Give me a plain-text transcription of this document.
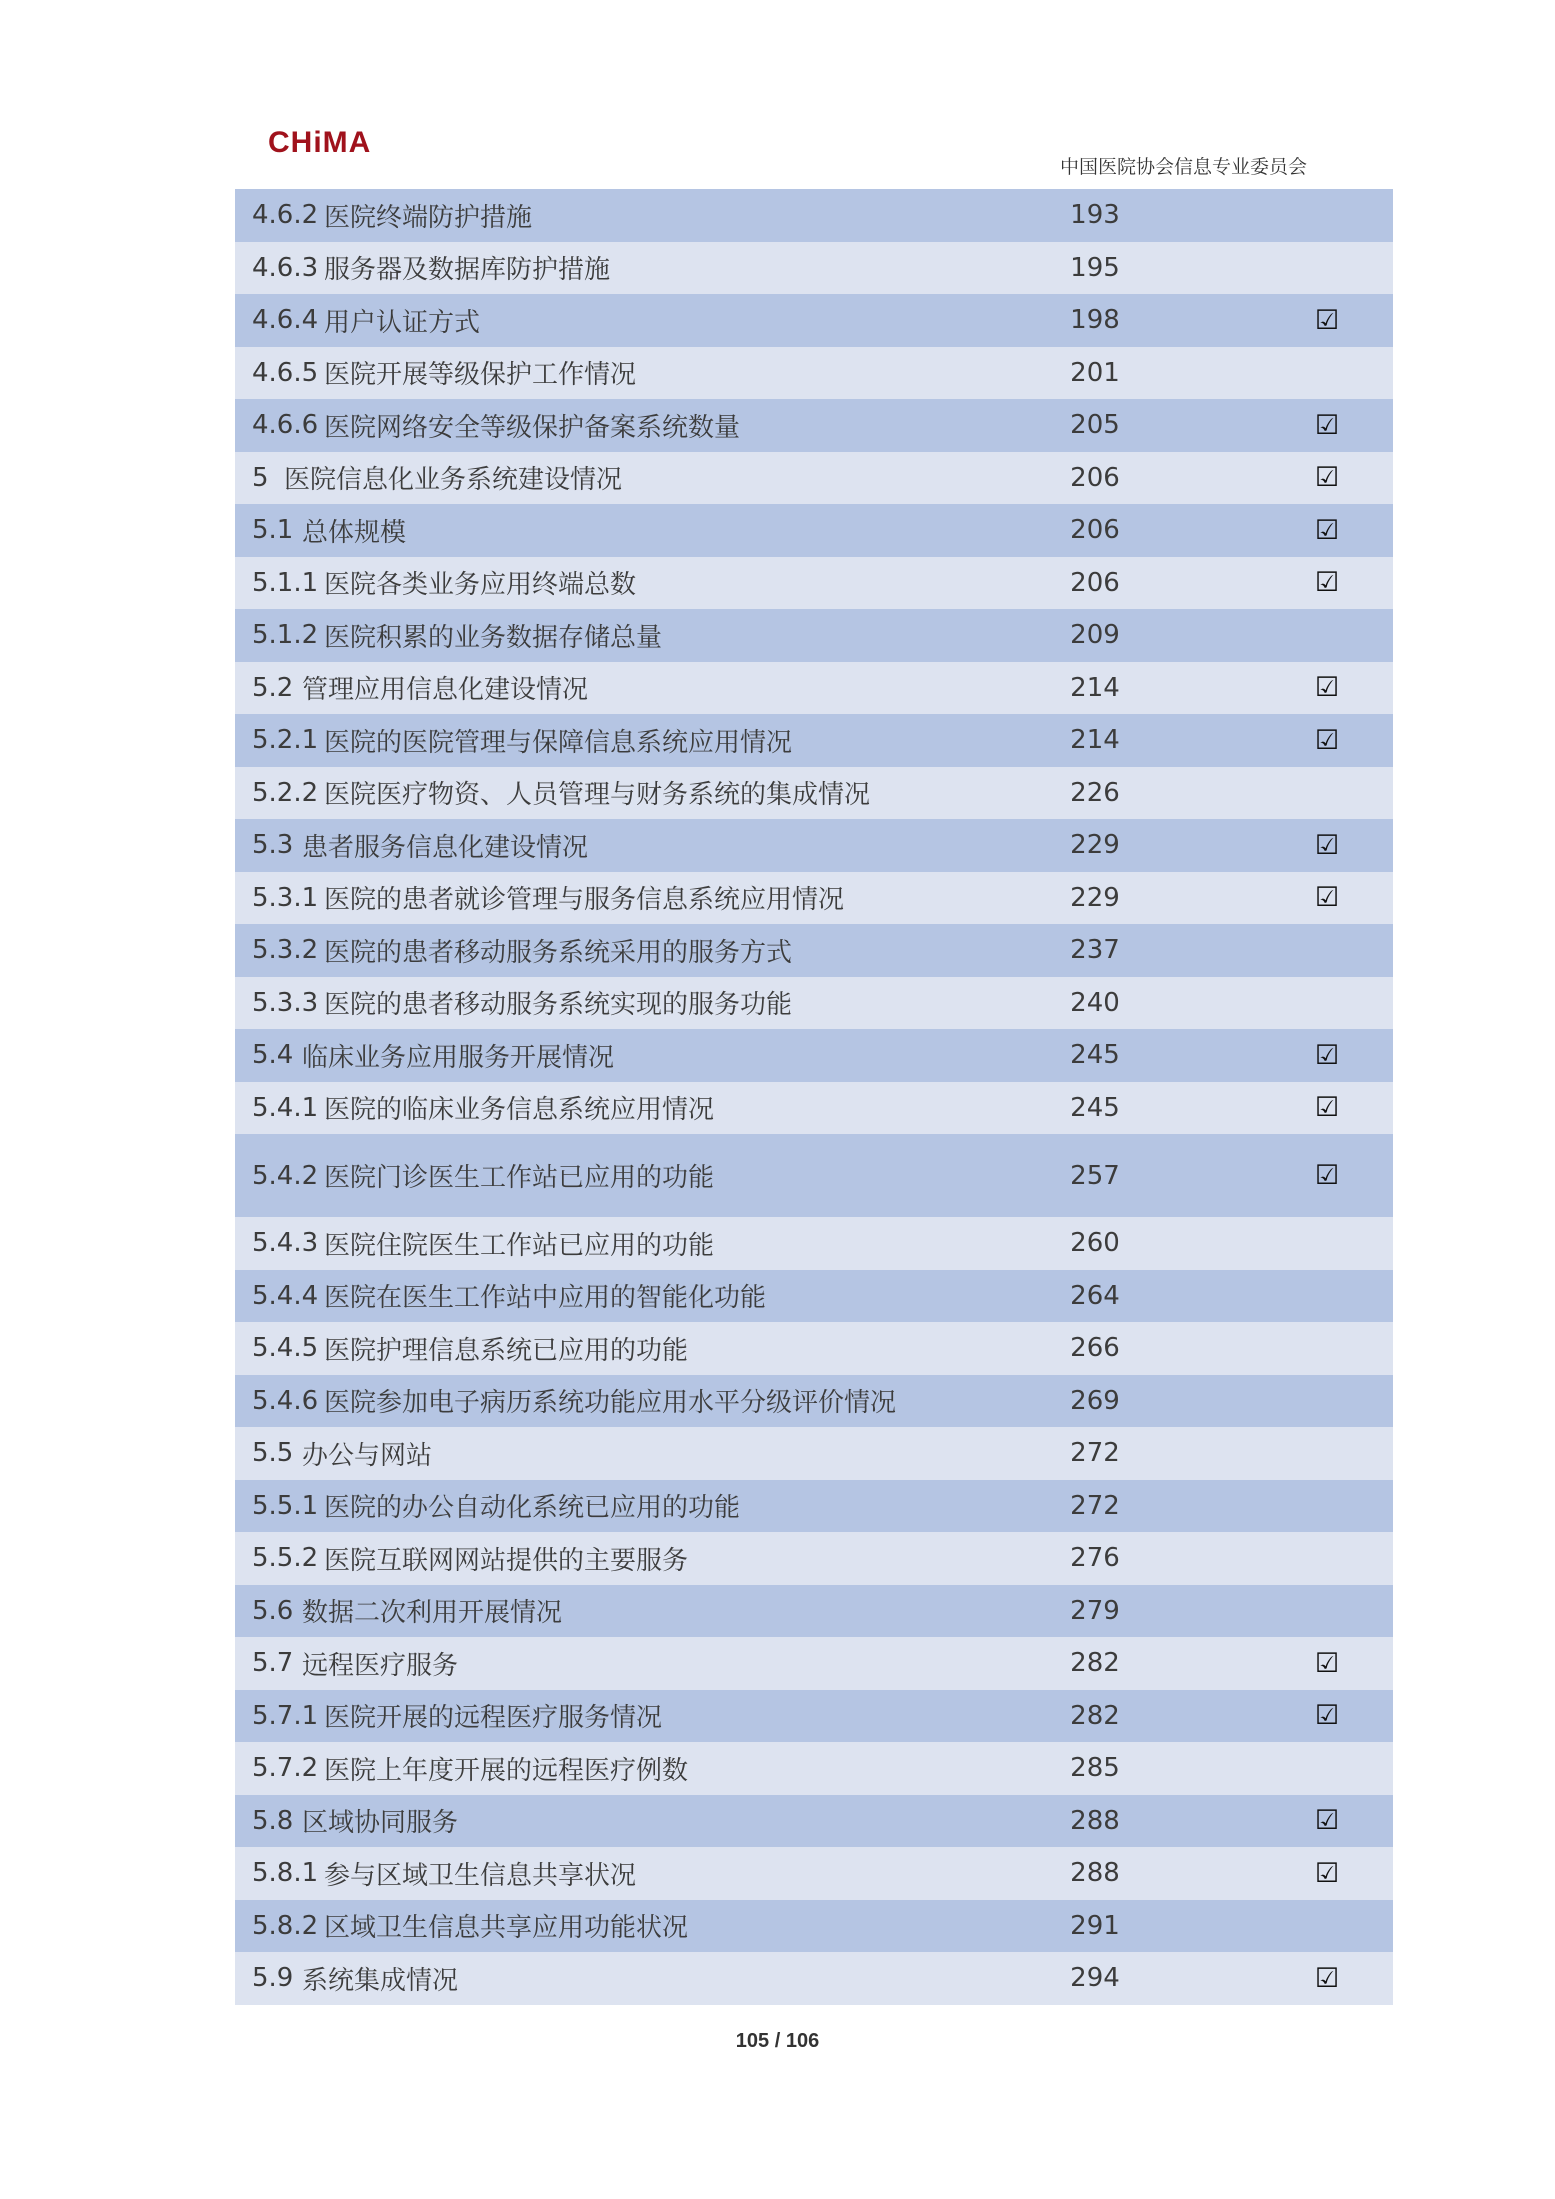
CHiMA
中国医院协会信息专业委员会
4.6.2 医院终端防护措施	193
4.6.3 服务器及数据库防护措施	195
4.6.4 用户认证方式	198	☑
4.6.5 医院开展等级保护工作情况	201
4.6.6 医院网络安全等级保护备案系统数量	205	☑
5 医院信息化业务系统建设情况	206	☑
5.1 总体规模	206	☑
5.1.1 医院各类业务应用终端总数	206	☑
5.1.2 医院积累的业务数据存储总量	209
5.2 管理应用信息化建设情况	214	☑
5.2.1 医院的医院管理与保障信息系统应用情况	214	☑
5.2.2 医院医疗物资、人员管理与财务系统的集成情况	226
5.3 患者服务信息化建设情况	229	☑
5.3.1 医院的患者就诊管理与服务信息系统应用情况	229	☑
5.3.2 医院的患者移动服务系统采用的服务方式	237
5.3.3 医院的患者移动服务系统实现的服务功能	240
5.4 临床业务应用服务开展情况	245	☑
5.4.1 医院的临床业务信息系统应用情况	245	☑
5.4.2 医院门诊医生工作站已应用的功能	257	☑
5.4.3 医院住院医生工作站已应用的功能	260
5.4.4 医院在医生工作站中应用的智能化功能	264
5.4.5 医院护理信息系统已应用的功能	266
5.4.6 医院参加电子病历系统功能应用水平分级评价情况	269
5.5 办公与网站	272
5.5.1 医院的办公自动化系统已应用的功能	272
5.5.2 医院互联网网站提供的主要服务	276
5.6 数据二次利用开展情况	279
5.7 远程医疗服务	282	☑
5.7.1 医院开展的远程医疗服务情况	282	☑
5.7.2 医院上年度开展的远程医疗例数	285
5.8 区域协同服务	288	☑
5.8.1 参与区域卫生信息共享状况	288	☑
5.8.2 区域卫生信息共享应用功能状况	291
5.9 系统集成情况	294	☑
105 / 106
